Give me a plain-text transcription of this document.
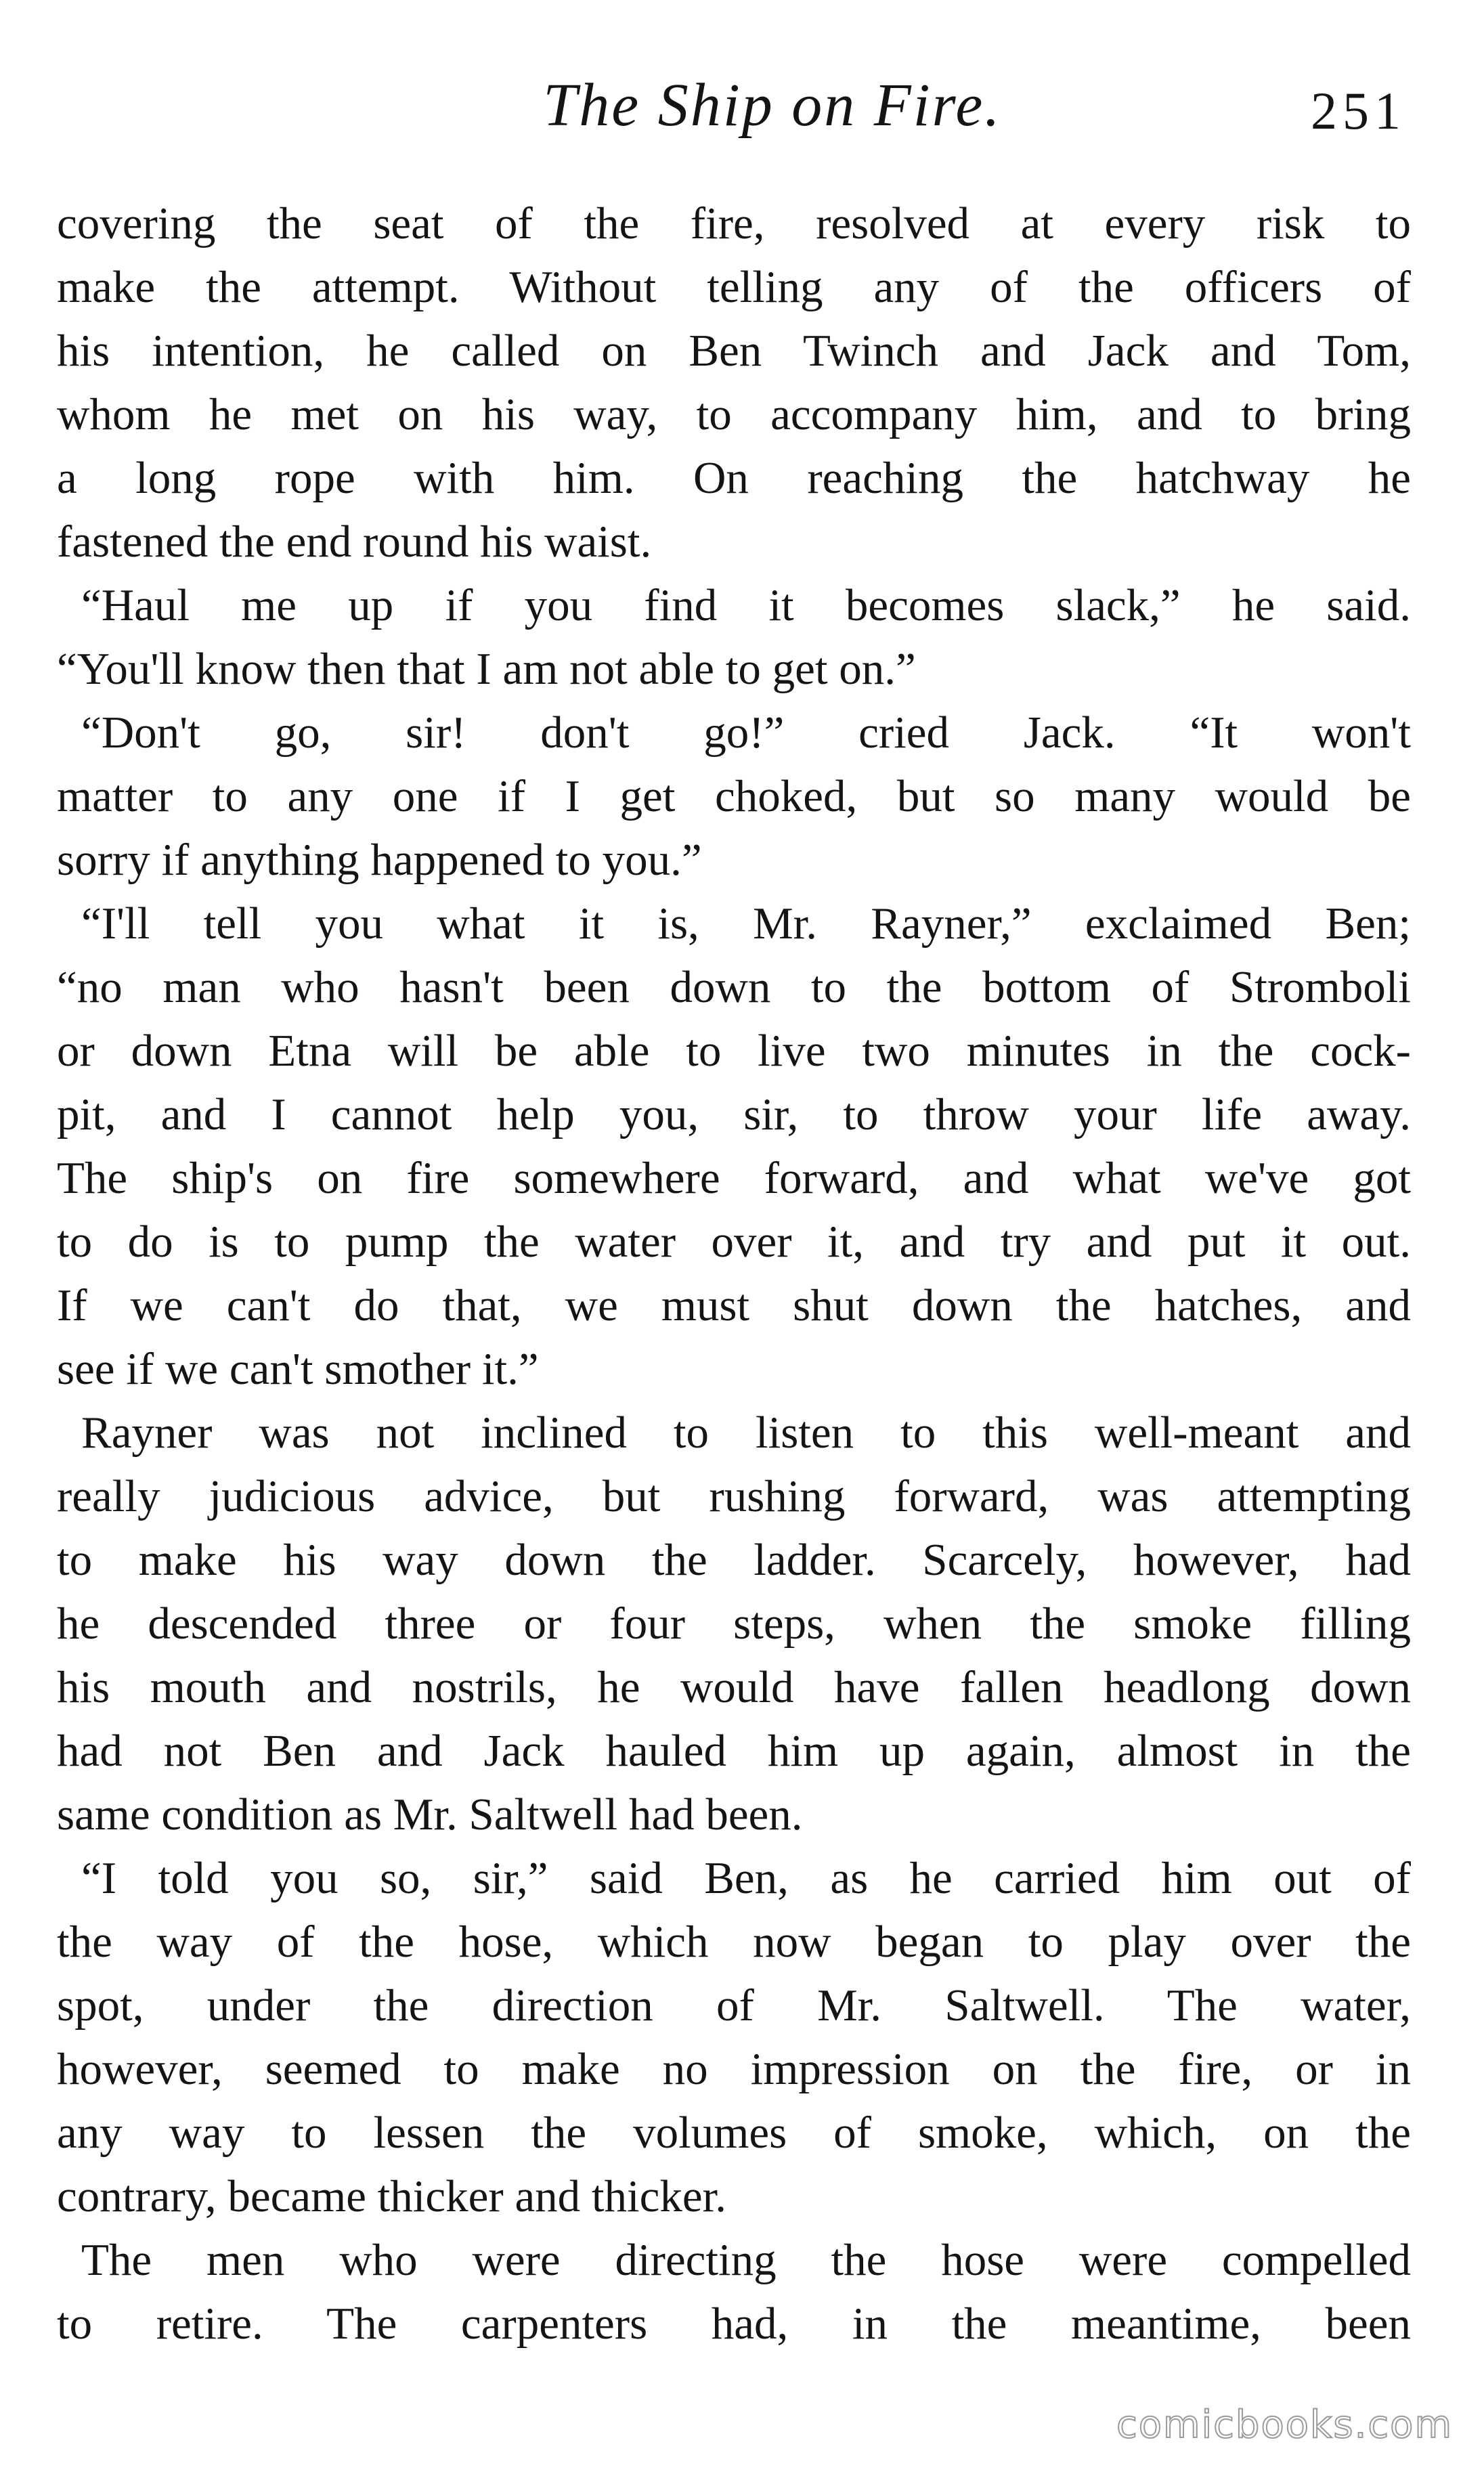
The Ship on Fire.	251
covering the seat of the fire, resolved at every risk to
make the attempt. Without telling any of the officers of
his intention, he called on Ben Twinch and Jack and Tom,
whom he met on his way, to accompany him, and to bring
a long rope with him. On reaching the hatchway he
fastened the end round his waist.
“Haul me up if you find it becomes slack,” he said.
“You'll know then that I am not able to get on.”
“Don't go, sir! don't go!” cried Jack. “It won't
matter to any one if I get choked, but so many would be
sorry if anything happened to you.”
“I'll tell you what it is, Mr. Rayner,” exclaimed Ben;
“no man who hasn't been down to the bottom of Stromboli
or down Etna will be able to live two minutes in the cock-
pit, and I cannot help you, sir, to throw your life away.
The ship's on fire somewhere forward, and what we've got
to do is to pump the water over it, and try and put it out.
If we can't do that, we must shut down the hatches, and
see if we can't smother it.”
Rayner was not inclined to listen to this well-meant and
really judicious advice, but rushing forward, was attempting
to make his way down the ladder. Scarcely, however, had
he descended three or four steps, when the smoke filling
his mouth and nostrils, he would have fallen headlong down
had not Ben and Jack hauled him up again, almost in the
same condition as Mr. Saltwell had been.
“I told you so, sir,” said Ben, as he carried him out of
the way of the hose, which now began to play over the
spot, under the direction of Mr. Saltwell. The water,
however, seemed to make no impression on the fire, or in
any way to lessen the volumes of smoke, which, on the
contrary, became thicker and thicker.
The men who were directing the hose were compelled
to retire. The carpenters had, in the meantime, been
comicbooks.com
